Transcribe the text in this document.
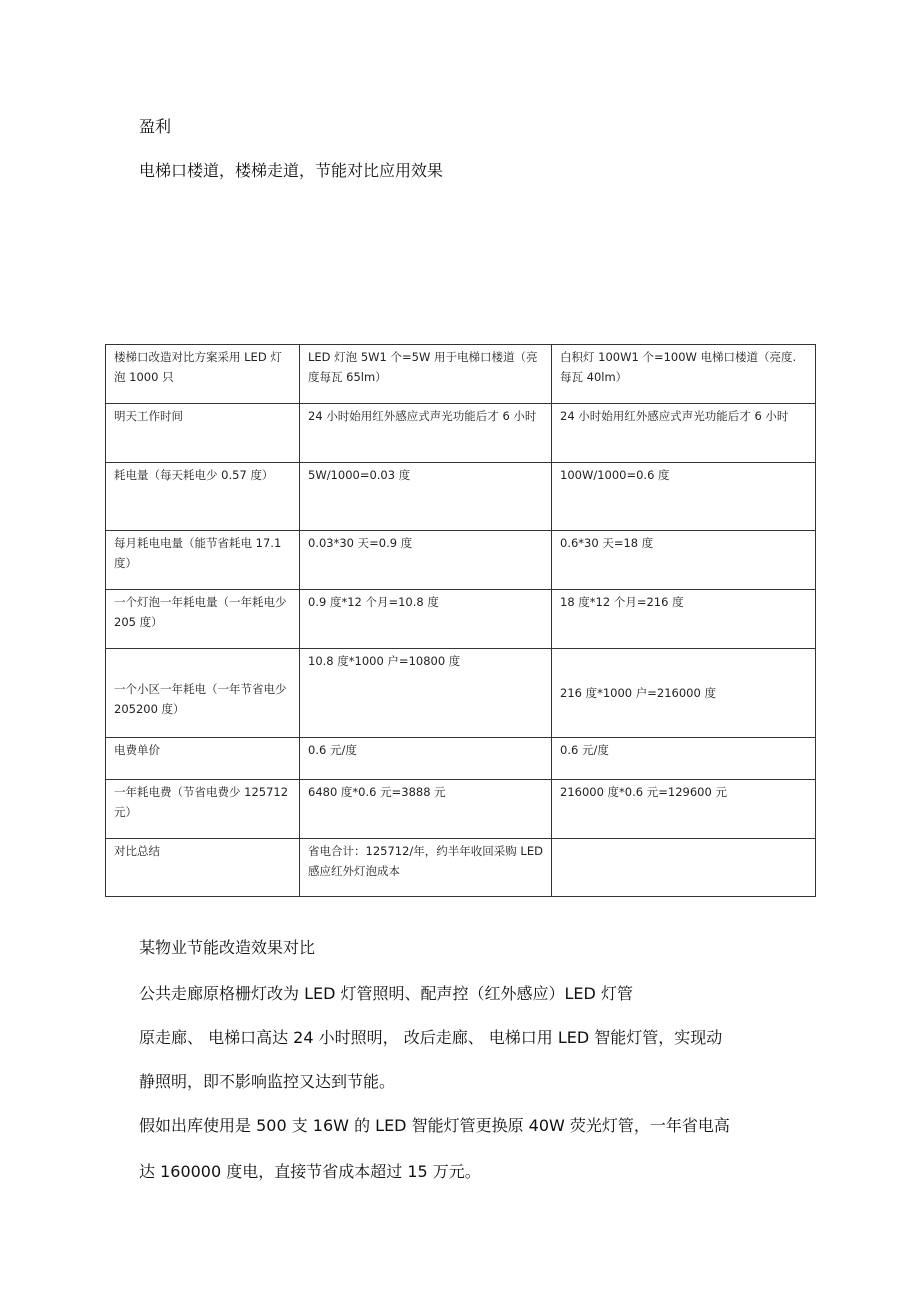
盈利
电梯口楼道，楼梯走道，节能对比应用效果
楼梯口改造对比方案采用 LED 灯泡 1000 只	LED 灯泡 5W1 个=5W 用于电梯口楼道（亮度每瓦 65lm）	白积灯 100W1 个=100W 电梯口楼道（亮度. 每瓦 40lm）
明天工作时间	24 小时始用红外感应式声光功能后才 6 小时	24 小时始用红外感应式声光功能后才 6 小时
耗电量（每天耗电少 0.57 度）	5W/1000=0.03 度	100W/1000=0.6 度
每月耗电电量（能节省耗电 17.1 度）	0.03*30 天=0.9 度	0.6*30 天=18 度
一个灯泡一年耗电量（一年耗电少 205 度）	0.9 度*12 个月=10.8 度	18 度*12 个月=216 度

一个小区一年耗电（一年节省电少 205200 度）	10.8 度*1000 户=10800 度	216 度*1000 户=216000 度
电费单价	0.6 元/度	0.6 元/度
一年耗电费（节省电费少 125712 元）	6480 度*0.6 元=3888 元	216000 度*0.6 元=129600 元
对比总结	省电合计：125712/年，约半年收回采购 LED 感应红外灯泡成本	
某物业节能改造效果对比
公共走廊原格栅灯改为 LED 灯管照明、配声控（红外感应）LED 灯管
原走廊、 电梯口高达 24 小时照明， 改后走廊、 电梯口用 LED 智能灯管，实现动
静照明，即不影响监控又达到节能。
假如出库使用是 500 支 16W 的 LED 智能灯管更换原 40W 荧光灯管，一年省电高
达 160000 度电，直接节省成本超过 15 万元。
